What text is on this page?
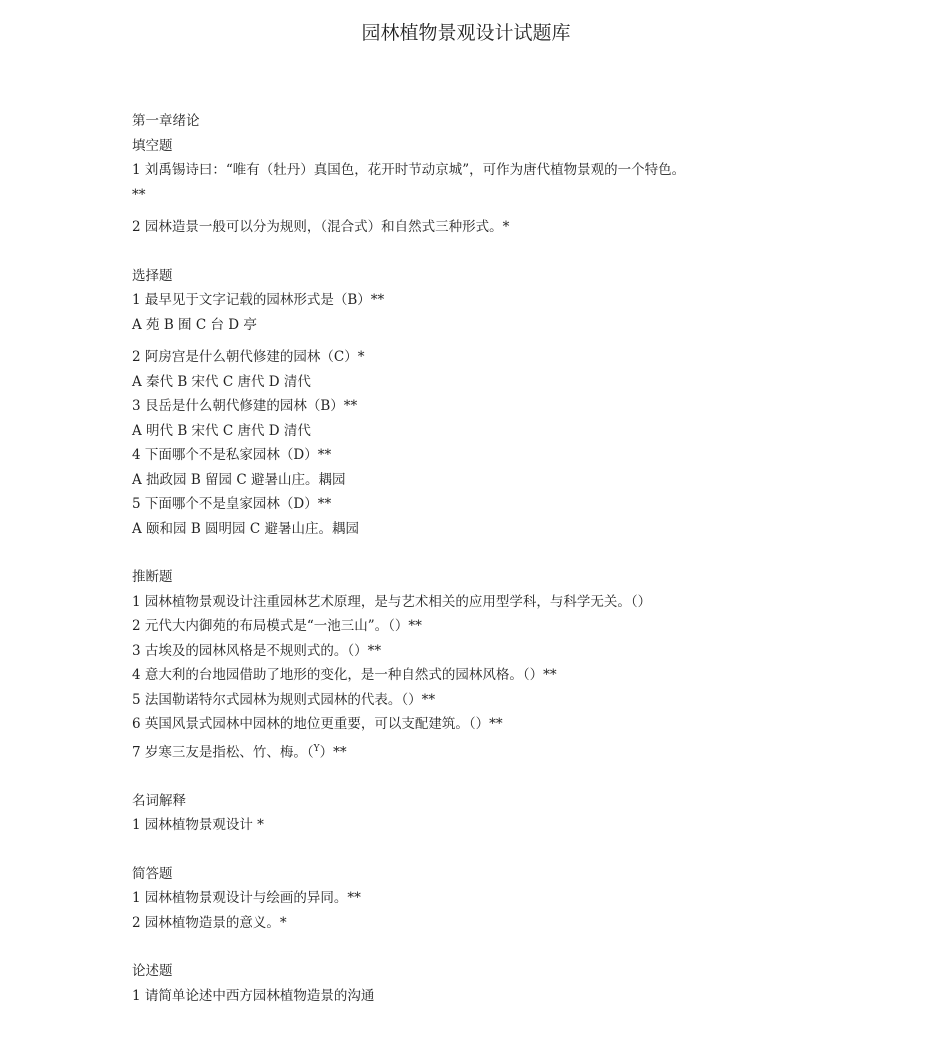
园林植物景观设计试题库
第一章绪论
填空题
1 刘禹锡诗曰：“唯有（牡丹）真国色，花开时节动京城”，可作为唐代植物景观的一个特色。
**
2 园林造景一般可以分为规则，（混合式）和自然式三种形式。*
选择题
1 最早见于文字记载的园林形式是（B）**
A 苑 B 囿 C 台 D 亭
2 阿房宫是什么朝代修建的园林（C）*
A 秦代 B 宋代 C 唐代 D 清代
3 艮岳是什么朝代修建的园林（B）**
A 明代 B 宋代 C 唐代 D 清代
4 下面哪个不是私家园林（D）**
A 拙政园 B 留园 C 避暑山庄。耦园
5 下面哪个不是皇家园林（D）**
A 颐和园 B 圆明园 C 避暑山庄。耦园
推断题
1 园林植物景观设计注重园林艺术原理，是与艺术相关的应用型学科，与科学无关。（）
2 元代大内御苑的布局模式是“一池三山”。（）**
3 古埃及的园林风格是不规则式的。（）**
4 意大利的台地园借助了地形的变化，是一种自然式的园林风格。（）**
5 法国勒诺特尔式园林为规则式园林的代表。（）**
6 英国风景式园林中园林的地位更重要，可以支配建筑。（）**
7 岁寒三友是指松、竹、梅。（$^Y$）**
名词解释
1 园林植物景观设计 *
简答题
1 园林植物景观设计与绘画的异同。**
2 园林植物造景的意义。*
论述题
1 请简单论述中西方园林植物造景的沟通
